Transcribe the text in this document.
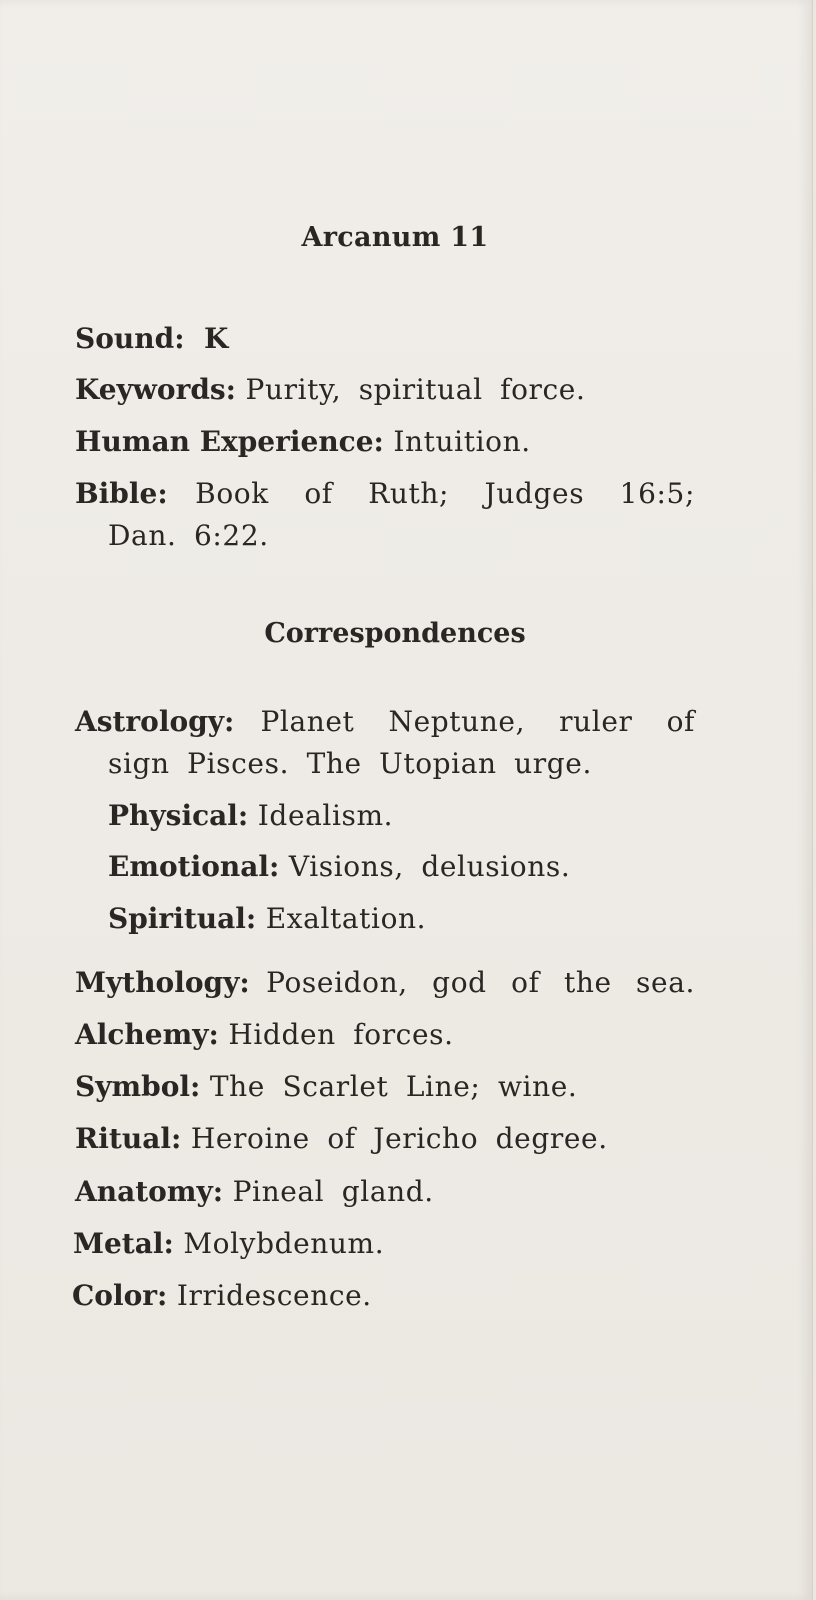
Arcanum 11
Sound: K
Keywords: Purity, spiritual force.
Human Experience: Intuition.
Bible: Book of Ruth; Judges 16:5;
Dan. 6:22.
Correspondences
Astrology: Planet Neptune, ruler of
sign Pisces. The Utopian urge.
Physical: Idealism.
Emotional: Visions, delusions.
Spiritual: Exaltation.
Mythology: Poseidon, god of the sea.
Alchemy: Hidden forces.
Symbol: The Scarlet Line; wine.
Ritual: Heroine of Jericho degree.
Anatomy: Pineal gland.
Metal: Molybdenum.
Color: Irridescence.
